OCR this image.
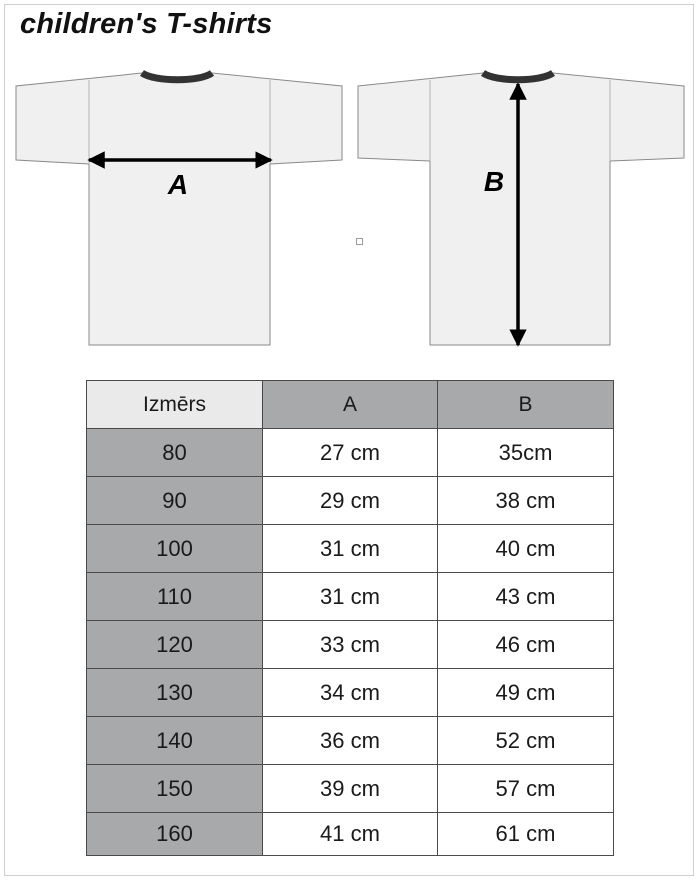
children's T-shirts
A	B
Izmērs	A	B
80	27 cm	35cm
90	29 cm	38 cm
100	31 cm	40 cm
110	31 cm	43 cm
120	33 cm	46 cm
130	34 cm	49 cm
140	36 cm	52 cm
150	39 cm	57 cm
160	41 cm	61 cm
